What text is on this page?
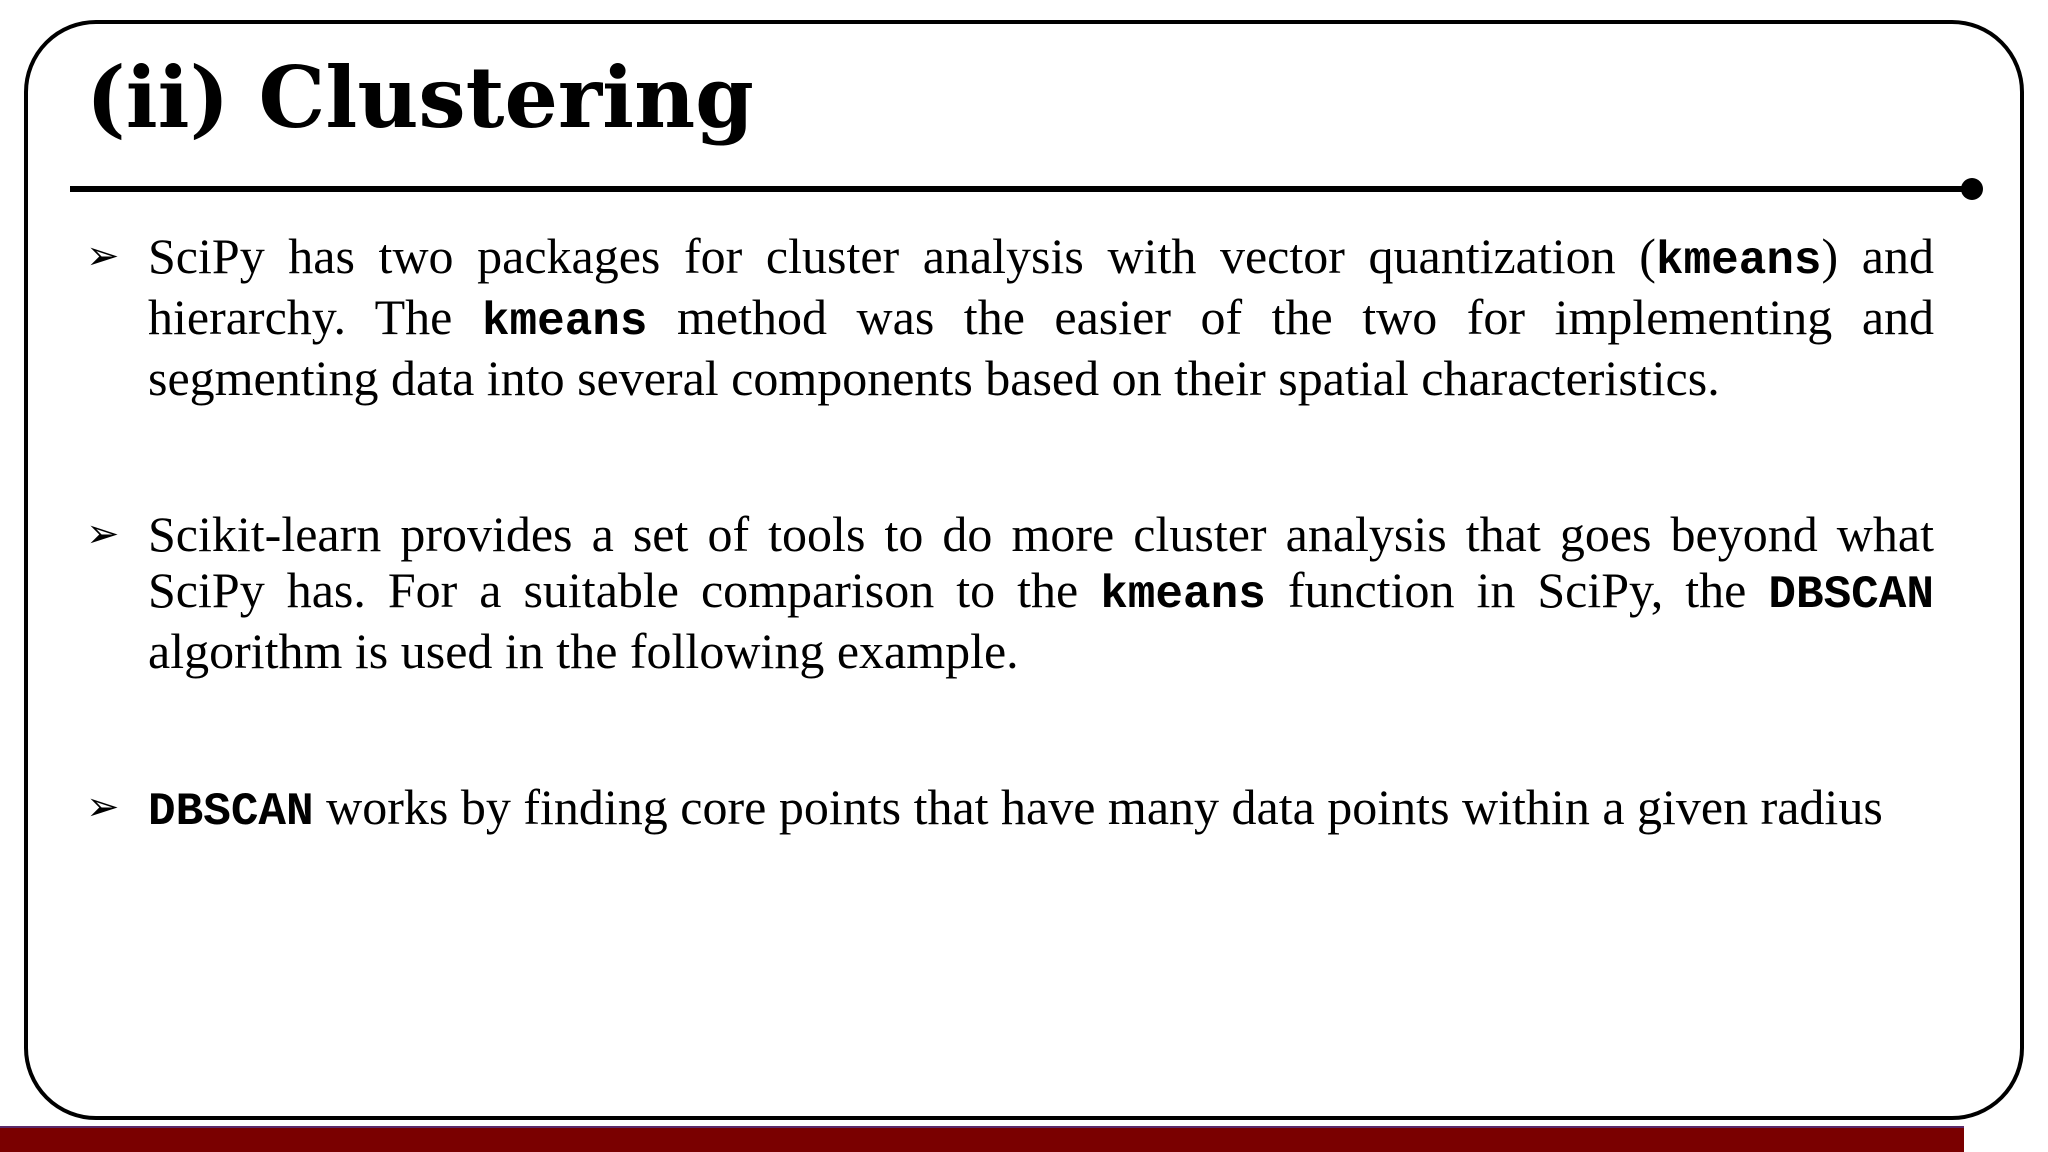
(ii) Clustering
➢ SciPy has two packages for cluster analysis with vector quantization (kmeans) and hierarchy. The kmeans method was the easier of the two for implementing and segmenting data into several components based on their spatial characteristics.
➢ Scikit-learn provides a set of tools to do more cluster analysis that goes beyond what SciPy has. For a suitable comparison to the kmeans function in SciPy, the DBSCAN algorithm is used in the following example.
➢ DBSCAN works by finding core points that have many data points within a given radius
